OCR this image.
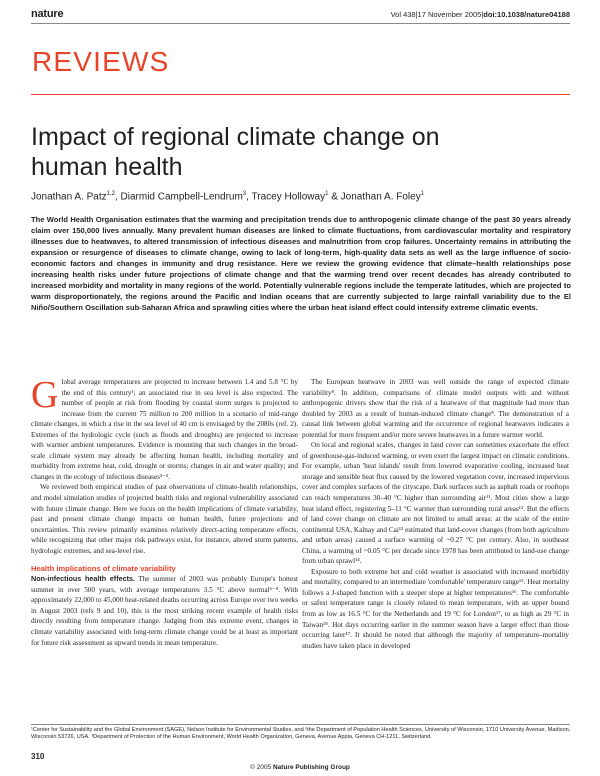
nature	Vol 438|17 November 2005|doi:10.1038/nature04188
REVIEWS
Impact of regional climate change on human health
Jonathan A. Patz$^{1,2}$, Diarmid Campbell-Lendrum$^3$, Tracey Holloway$^1$ & Jonathan A. Foley$^1$
The World Health Organisation estimates that the warming and precipitation trends due to anthropogenic climate change of the past 30 years already claim over 150,000 lives annually. Many prevalent human diseases are linked to climate fluctuations, from cardiovascular mortality and respiratory illnesses due to heatwaves, to altered transmission of infectious diseases and malnutrition from crop failures. Uncertainty remains in attributing the expansion or resurgence of diseases to climate change, owing to lack of long-term, high-quality data sets as well as the large influence of socio-economic factors and changes in immunity and drug resistance. Here we review the growing evidence that climate–health relationships pose increasing health risks under future projections of climate change and that the warming trend over recent decades has already contributed to increased morbidity and mortality in many regions of the world. Potentially vulnerable regions include the temperate latitudes, which are projected to warm disproportionately, the regions around the Pacific and Indian oceans that are currently subjected to large rainfall variability due to the El Niño/Southern Oscillation sub-Saharan Africa and sprawling cities where the urban heat island effect could intensify extreme climatic events.

Global average temperatures are projected to increase between 1.4 and 5.8 °C by the end of this century¹; an associated rise in sea level is also expected. The number of people at risk from flooding by coastal storm surges is projected to increase from the current 75 million to 200 million in a scenario of mid-range climate changes, in which a rise in the sea level of 40 cm is envisaged by the 2080s (ref. 2). Extremes of the hydrologic cycle (such as floods and droughts) are projected to increase with warmer ambient temperatures. Evidence is mounting that such changes in the broad-scale climate system may already be affecting human health, including mortality and morbidity from extreme heat, cold, drought or storms; changes in air and water quality; and changes in the ecology of infectious diseases³⁻⁵.

We reviewed both empirical studies of past observations of climate-health relationships, and model simulation studies of projected health risks and regional vulnerability associated with future climate change. Here we focus on the health implications of climate variability, past and present climate change impacts on human health, future projections and uncertainties. This review primarily examines relatively direct-acting temperature effects, while recognizing that other major risk pathways exist, for instance, altered storm patterns, hydrologic extremes, and sea-level rise.

Health implications of climate variability

Non-infectious health effects. The summer of 2003 was probably Europe's hottest summer in over 500 years, with average temperatures 3.5 °C above normal⁶⁻⁸. With approximately 22,000 to 45,000 heat-related deaths occurring across Europe over two weeks in August 2003 (refs 9 and 10), this is the most striking recent example of health risks directly resulting from temperature change. Judging from this extreme event, changes in climate variability associated with long-term climate change could be at least as important for future risk assessment as upward trends in mean temperature.

The European heatwave in 2003 was well outside the range of expected climate variability⁸. In addition, comparisons of climate model outputs with and without anthropogenic drivers show that the risk of a heatwave of that magnitude had more than doubled by 2003 as a result of human-induced climate change⁸. The demonstration of a causal link between global warming and the occurrence of regional heatwaves indicates a potential for more frequent and/or more severe heatwaves in a future warmer world.

On local and regional scales, changes in land cover can sometimes exacerbate the effect of greenhouse-gas-induced warming, or even exert the largest impact on climatic conditions. For example, urban 'heat islands' result from lowered evaporative cooling, increased heat storage and sensible heat flux caused by the lowered vegetation cover, increased impervious cover and complex surfaces of the cityscape. Dark surfaces such as asphalt roads or rooftops can reach temperatures 30–40 °C higher than surrounding air¹¹. Most cities show a large heat island effect, registering 5–11 °C warmer than surrounding rural areas¹². But the effects of land cover change on climate are not limited to small areas: at the scale of the entire continental USA, Kalnay and Cai¹³ estimated that land-cover changes (from both agriculture and urban areas) caused a surface warming of ~0.27 °C per century. Also, in southeast China, a warming of ~0.05 °C per decade since 1978 has been attributed to land-use change from urban sprawl¹⁴.

Exposure to both extreme hot and cold weather is associated with increased morbidity and mortality, compared to an intermediate 'comfortable' temperature range¹⁵. Heat mortality follows a J-shaped function with a steeper slope at higher temperatures¹⁶. The comfortable or safest temperature range is closely related to mean temperature, with an upper bound from as low as 16.5 °C for the Netherlands and 19 °C for London¹⁷, to as high as 29 °C in Taiwan¹⁸. Hot days occurring earlier in the summer season have a larger effect than those occurring later¹⁷. It should be noted that although the majority of temperature–mortality studies have taken place in developed

¹Center for Sustainability and the Global Environment (SAGE), Nelson Institute for Environmental Studies, and ²the Department of Population Health Sciences, University of Wisconsin, 1710 University Avenue, Madison, Wisconsin 53726, USA. ³Department of Protection of the Human Environment, World Health Organization, Geneva, Avenue Appia, Geneva CH-1211, Switzerland.
310
© 2005 Nature Publishing Group
